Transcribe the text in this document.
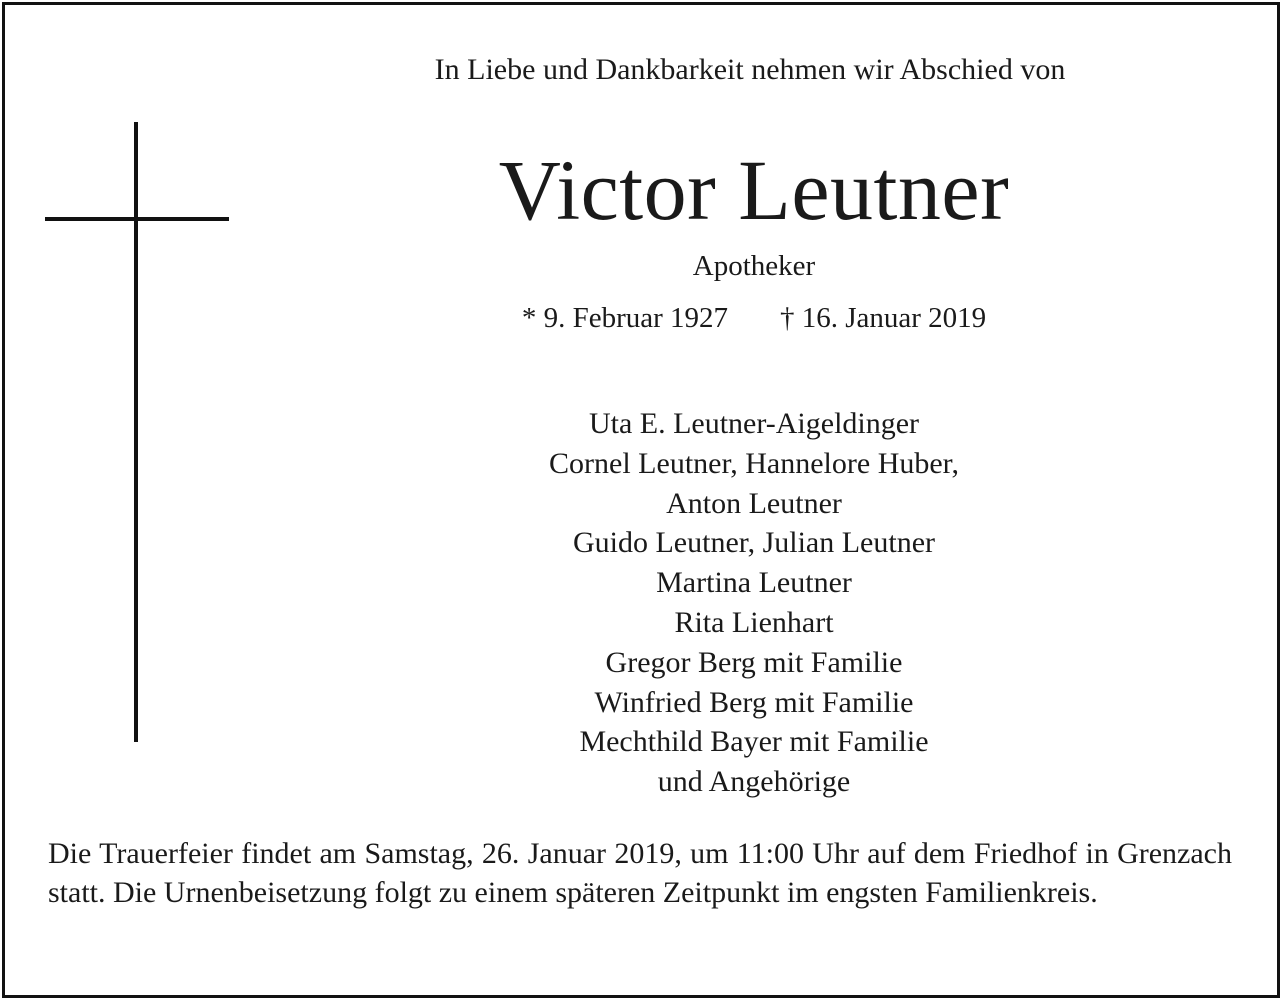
In Liebe und Dankbarkeit nehmen wir Abschied von
Victor Leutner
Apotheker
* 9. Februar 1927 † 16. Januar 2019
Uta E. Leutner-Aigeldinger
Cornel Leutner, Hannelore Huber,
Anton Leutner
Guido Leutner, Julian Leutner
Martina Leutner
Rita Lienhart
Gregor Berg mit Familie
Winfried Berg mit Familie
Mechthild Bayer mit Familie
und Angehörige
Die Trauerfeier findet am Samstag, 26. Januar 2019, um 11:00 Uhr auf dem Friedhof in Grenzach statt. Die Urnenbeisetzung folgt zu einem späteren Zeitpunkt im engsten Familienkreis.
